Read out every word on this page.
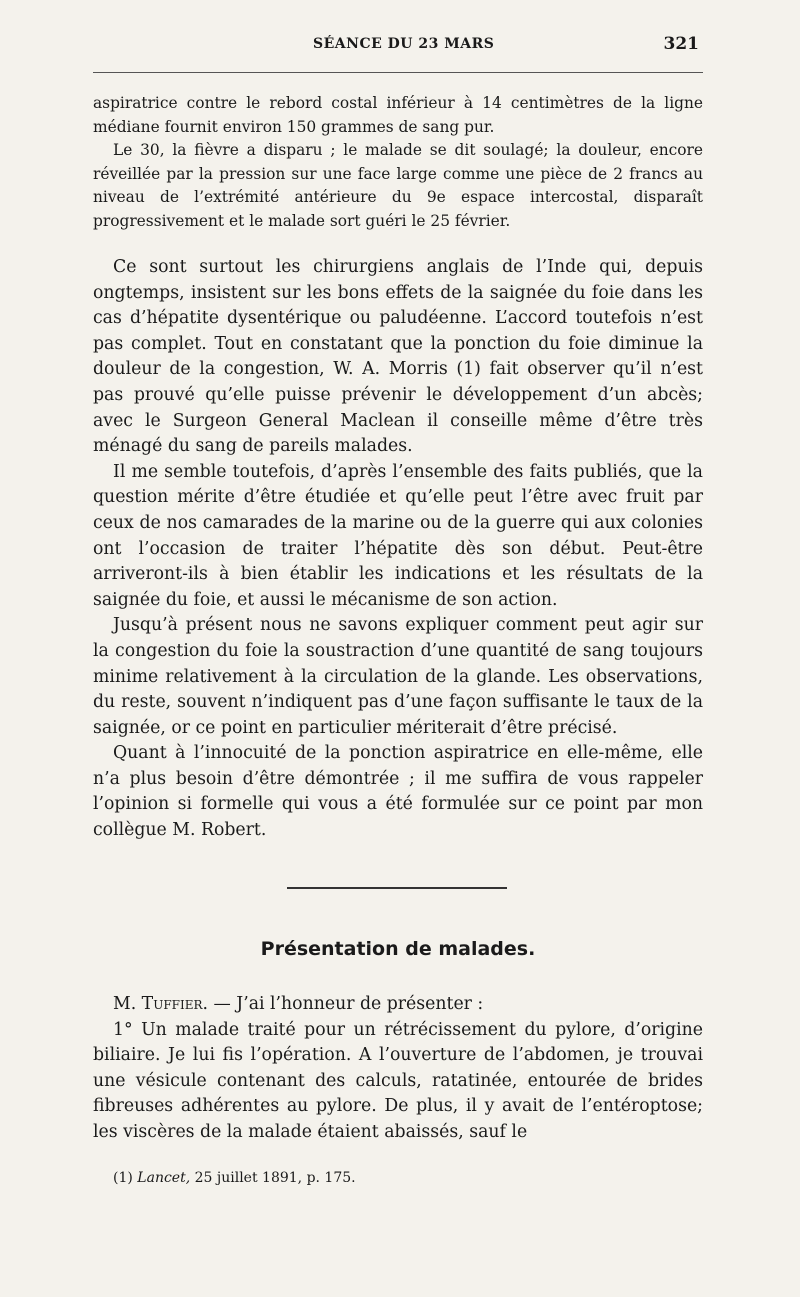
SÉANCE DU 23 MARS	321

aspiratrice contre le rebord costal inférieur à 14 centimètres de la ligne médiane fournit environ 150 grammes de sang pur.

Le 30, la fièvre a disparu ; le malade se dit soulagé; la douleur, encore réveillée par la pression sur une face large comme une pièce de 2 francs au niveau de l’extrémité antérieure du 9e espace intercostal, disparaît progressivement et le malade sort guéri le 25 février.

Ce sont surtout les chirurgiens anglais de l’Inde qui, depuis ongtemps, insistent sur les bons effets de la saignée du foie dans les cas d’hépatite dysentérique ou paludéenne. L’accord toutefois n’est pas complet. Tout en constatant que la ponction du foie diminue la douleur de la congestion, W. A. Morris (1) fait observer qu’il n’est pas prouvé qu’elle puisse prévenir le développement d’un abcès; avec le Surgeon General Maclean il conseille même d’être très ménagé du sang de pareils malades.

Il me semble toutefois, d’après l’ensemble des faits publiés, que la question mérite d’être étudiée et qu’elle peut l’être avec fruit par ceux de nos camarades de la marine ou de la guerre qui aux colonies ont l’occasion de traiter l’hépatite dès son début. Peut-être arriveront-ils à bien établir les indications et les résultats de la saignée du foie, et aussi le mécanisme de son action.

Jusqu’à présent nous ne savons expliquer comment peut agir sur la congestion du foie la soustraction d’une quantité de sang toujours minime relativement à la circulation de la glande. Les observations, du reste, souvent n’indiquent pas d’une façon suffisante le taux de la saignée, or ce point en particulier mériterait d’être précisé.

Quant à l’innocuité de la ponction aspiratrice en elle-même, elle n’a plus besoin d’être démontrée ; il me suffira de vous rappeler l’opinion si formelle qui vous a été formulée sur ce point par mon collègue M. Robert.

Présentation de malades.

M. Tuffier. — J’ai l’honneur de présenter :

1° Un malade traité pour un rétrécissement du pylore, d’origine biliaire. Je lui fis l’opération. A l’ouverture de l’abdomen, je trouvai une vésicule contenant des calculs, ratatinée, entourée de brides fibreuses adhérentes au pylore. De plus, il y avait de l’entéroptose; les viscères de la malade étaient abaissés, sauf le

(1) Lancet, 25 juillet 1891, p. 175.
